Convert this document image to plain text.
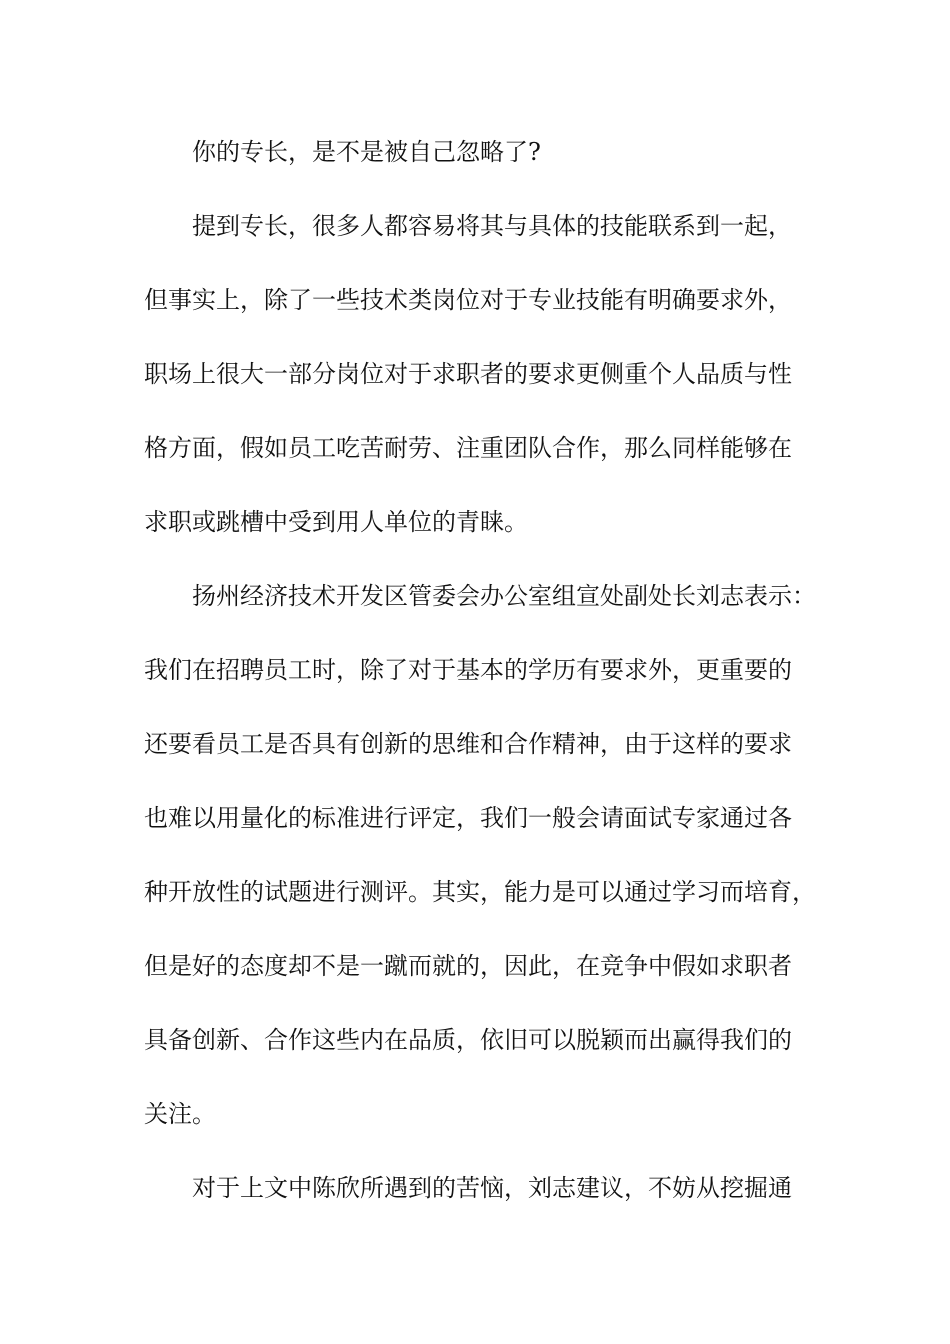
你的专长，是不是被自己忽略了?
提到专长，很多人都容易将其与具体的技能联系到一起，
但事实上，除了一些技术类岗位对于专业技能有明确要求外，
职场上很大一部分岗位对于求职者的要求更侧重个人品质与性
格方面，假如员工吃苦耐劳、注重团队合作，那么同样能够在
求职或跳槽中受到用人单位的青睐。
扬州经济技术开发区管委会办公室组宣处副处长刘志表示：
我们在招聘员工时，除了对于基本的学历有要求外，更重要的
还要看员工是否具有创新的思维和合作精神，由于这样的要求
也难以用量化的标准进行评定，我们一般会请面试专家通过各
种开放性的试题进行测评。其实，能力是可以通过学习而培育，
但是好的态度却不是一蹴而就的，因此，在竞争中假如求职者
具备创新、合作这些内在品质，依旧可以脱颖而出赢得我们的
关注。
对于上文中陈欣所遇到的苦恼，刘志建议，不妨从挖掘通
